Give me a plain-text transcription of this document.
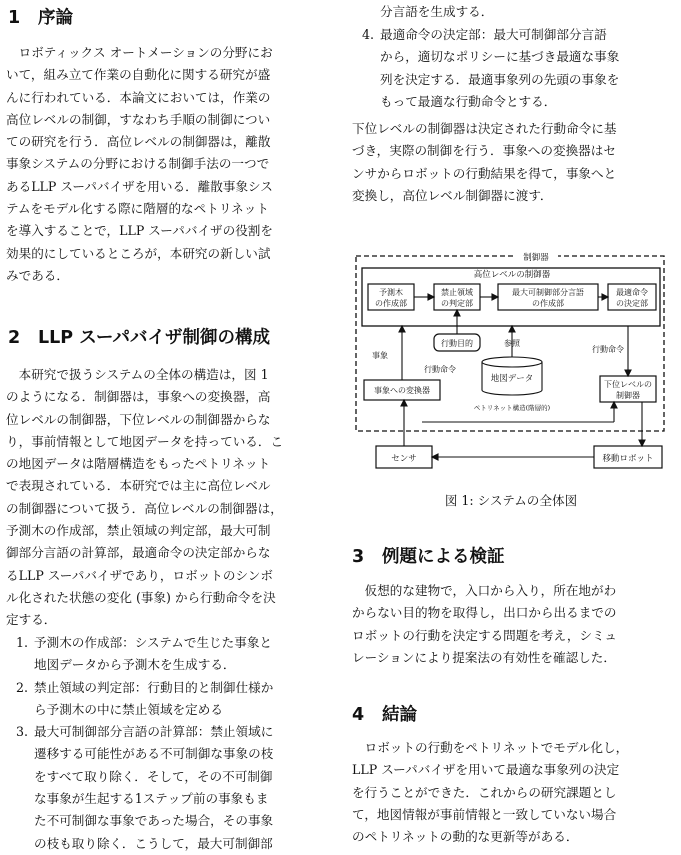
1 序論
ロボティックス オートメーションの分野にお
いて，組み立て作業の自動化に関する研究が盛
んに行われている．本論文においては，作業の
高位レベルの制御，すなわち手順の制御につい
ての研究を行う．高位レベルの制御器は，離散
事象システムの分野における制御手法の一つで
あるLLP スーパバイザを用いる．離散事象シス
テムをモデル化する際に階層的なペトリネット
を導入することで，LLP スーパバイザの役割を
効果的にしているところが，本研究の新しい試
みである．
2 LLP スーパバイザ制御の構成
本研究で扱うシステムの全体の構造は，図 1
のようになる．制御器は，事象への変換器，高
位レベルの制御器，下位レベルの制御器からな
り，事前情報として地図データを持っている．こ
の地図データは階層構造をもったペトリネット
で表現されている．本研究では主に高位レベル
の制御器について扱う．高位レベルの制御器は，
予測木の作成部，禁止領域の判定部，最大可制
御部分言語の計算部，最適命令の決定部からな
るLLP スーパバイザであり，ロボットのシンボ
ル化された状態の変化 (事象) から行動命令を決
定する．
1. 予測木の作成部：システムで生じた事象と
地図データから予測木を生成する．
2. 禁止領域の判定部：行動目的と制御仕様か
ら予測木の中に禁止領域を定める
3. 最大可制御部分言語の計算部：禁止領域に
遷移する可能性がある不可制御な事象の枝
をすべて取り除く．そして，その不可制御
な事象が生起する1ステップ前の事象もま
た不可制御な事象であった場合，その事象
の枝も取り除く．こうして，最大可制御部
分言語を生成する．
4. 最適命令の決定部：最大可制御部分言語
から，適切なポリシーに基づき最適な事象
列を決定する．最適事象列の先頭の事象を
もって最適な行動命令とする．
下位レベルの制御器は決定された行動命令に基
づき，実際の制御を行う．事象への変換器はセ
ンサからロボットの行動結果を得て，事象へと
変換し，高位レベル制御器に渡す．
制御器
高位レベルの制御器
予測木
の作成部
禁止領域
の判定部
最大可制御部分言語
の作成部
最適命令
の決定部
行動目的	参照
地図データ
ペトリネット構造(階層的)
事象への変換器
事象
行動命令
下位レベルの
制御器
行動命令
センサ	移動ロボット
図 1: システムの全体図
3 例題による検証
仮想的な建物で，入口から入り，所在地がわ
からない目的物を取得し，出口から出るまでの
ロボットの行動を決定する問題を考え，シミュ
レーションにより提案法の有効性を確認した．
4 結論
ロボットの行動をペトリネットでモデル化し，
LLP スーパバイザを用いて最適な事象列の決定
を行うことができた．これからの研究課題とし
て，地図情報が事前情報と一致していない場合
のペトリネットの動的な更新等がある．
